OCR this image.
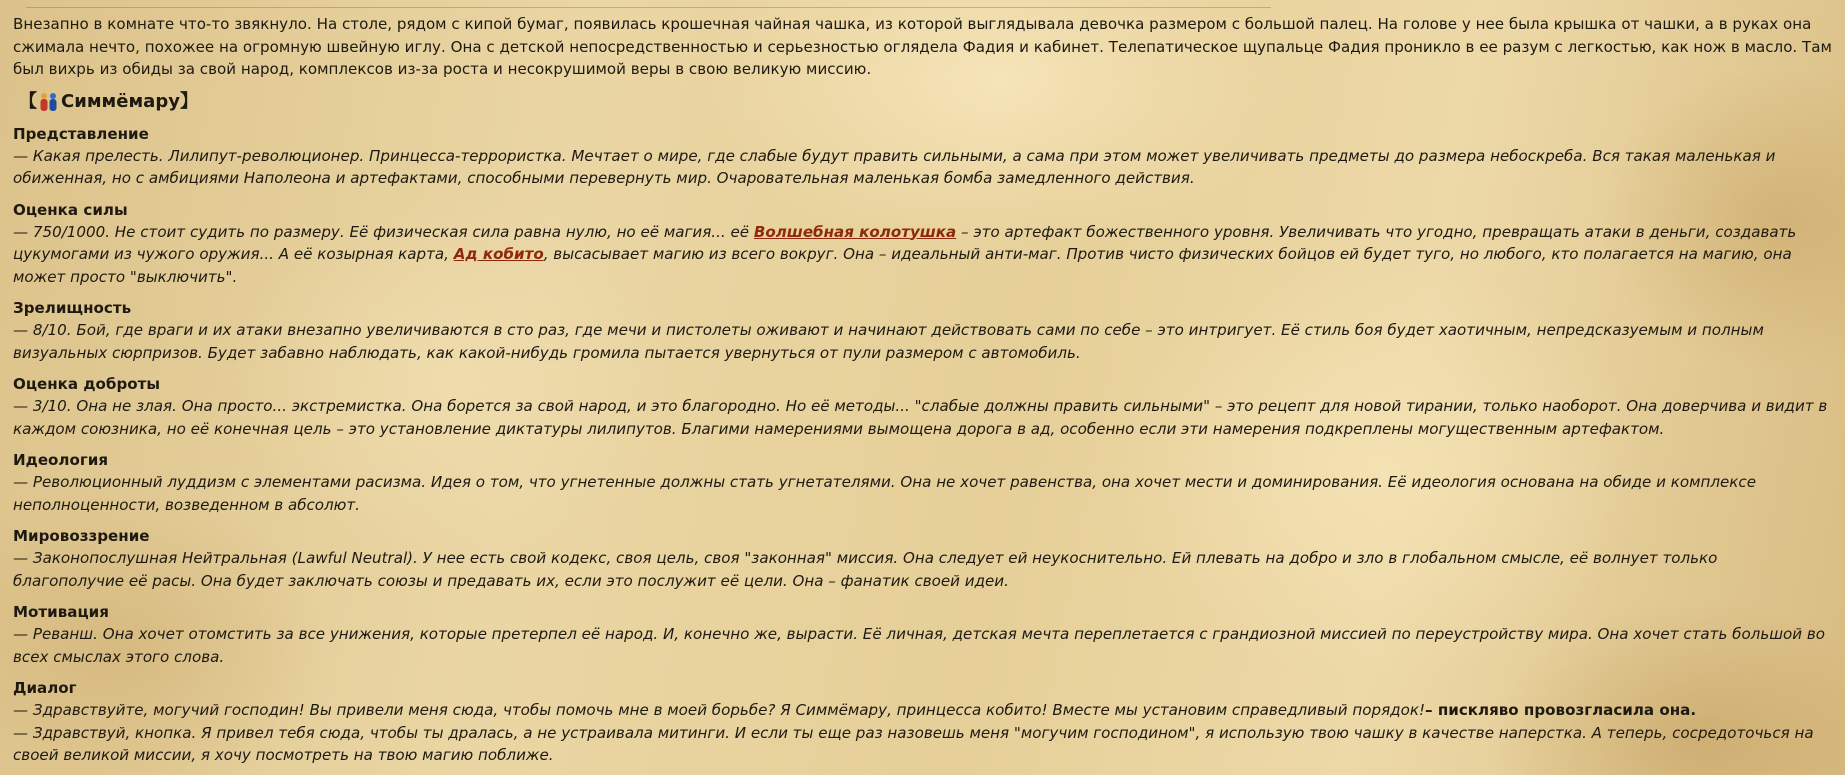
Внезапно в комнате что-то звякнуло. На столе, рядом с кипой бумаг, появилась крошечная чайная чашка, из которой выглядывала девочка размером с большой палец. На голове у нее была крышка от чашки, а в руках она сжимала нечто, похожее на огромную швейную иглу. Она с детской непосредственностью и серьезностью оглядела Фадия и кабинет. Телепатическое щупальце Фадия проникло в ее разум с легкостью, как нож в масло. Там был вихрь из обиды за свой народ, комплексов из-за роста и несокрушимой веры в свою великую миссию.

【 Симмёмару 】
Представление
— Какая прелесть. Лилипут-революционер. Принцесса-террористка. Мечтает о мире, где слабые будут править сильными, а сама при этом может увеличивать предметы до размера небоскреба. Вся такая маленькая и обиженная, но с амбициями Наполеона и артефактами, способными перевернуть мир. Очаровательная маленькая бомба замедленного действия.
Оценка силы
— 750/1000. Не стоит судить по размеру. Её физическая сила равна нулю, но её магия... её Волшебная колотушка – это артефакт божественного уровня. Увеличивать что угодно, превращать атаки в деньги, создавать цукумогами из чужого оружия... А её козырная карта, Ад кобито, высасывает магию из всего вокруг. Она – идеальный анти-маг. Против чисто физических бойцов ей будет туго, но любого, кто полагается на магию, она может просто "выключить".
Зрелищность
— 8/10. Бой, где враги и их атаки внезапно увеличиваются в сто раз, где мечи и пистолеты оживают и начинают действовать сами по себе – это интригует. Её стиль боя будет хаотичным, непредсказуемым и полным визуальных сюрпризов. Будет забавно наблюдать, как какой-нибудь громила пытается увернуться от пули размером с автомобиль.
Оценка доброты
— 3/10. Она не злая. Она просто... экстремистка. Она борется за свой народ, и это благородно. Но её методы... "слабые должны править сильными" – это рецепт для новой тирании, только наоборот. Она доверчива и видит в каждом союзника, но её конечная цель – это установление диктатуры лилипутов. Благими намерениями вымощена дорога в ад, особенно если эти намерения подкреплены могущественным артефактом.
Идеология
— Революционный луддизм с элементами расизма. Идея о том, что угнетенные должны стать угнетателями. Она не хочет равенства, она хочет мести и доминирования. Её идеология основана на обиде и комплексе неполноценности, возведенном в абсолют.
Мировоззрение
— Законопослушная Нейтральная (Lawful Neutral). У нее есть свой кодекс, своя цель, своя "законная" миссия. Она следует ей неукоснительно. Ей плевать на добро и зло в глобальном смысле, её волнует только благополучие её расы. Она будет заключать союзы и предавать их, если это послужит её цели. Она – фанатик своей идеи.
Мотивация
— Реванш. Она хочет отомстить за все унижения, которые претерпел её народ. И, конечно же, вырасти. Её личная, детская мечта переплетается с грандиозной миссией по переустройству мира. Она хочет стать большой во всех смыслах этого слова.
Диалог
— Здравствуйте, могучий господин! Вы привели меня сюда, чтобы помочь мне в моей борьбе? Я Симмёмару, принцесса кобито! Вместе мы установим справедливый порядок!– пискляво провозгласила она.
— Здравствуй, кнопка. Я привел тебя сюда, чтобы ты дралась, а не устраивала митинги. И если ты еще раз назовешь меня "могучим господином", я использую твою чашку в качестве наперстка. А теперь, сосредоточься на своей великой миссии, я хочу посмотреть на твою магию поближе.
